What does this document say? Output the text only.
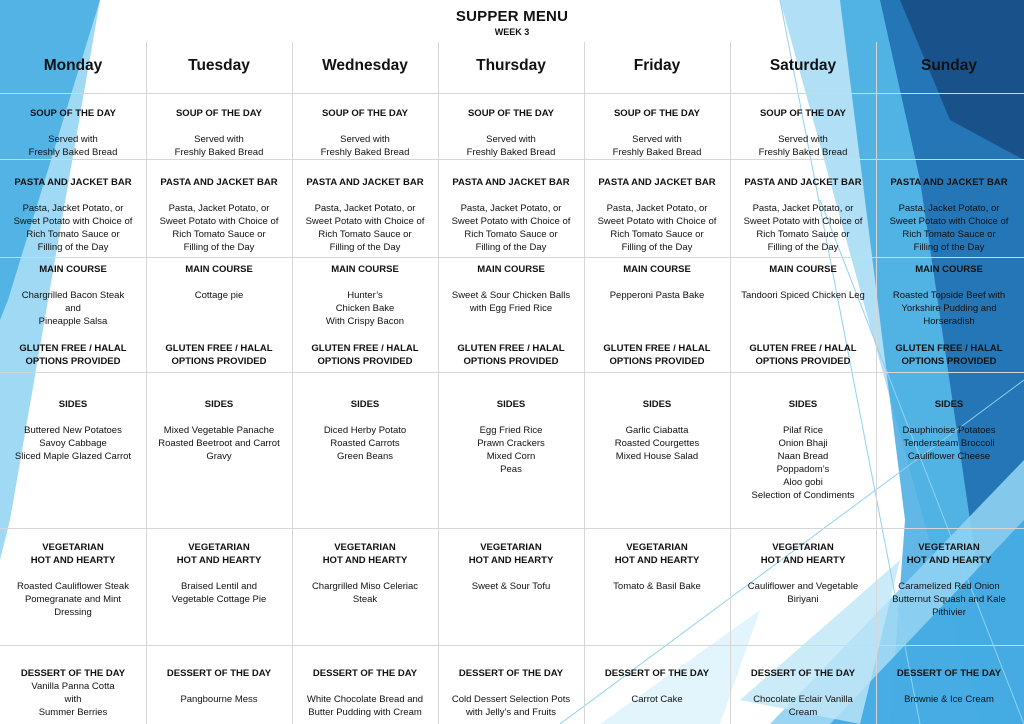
SUPPER MENU
WEEK 3
Monday
SOUP OF THE DAY
Served with
Freshly Baked Bread
PASTA AND JACKET BAR
Pasta, Jacket Potato, or
Sweet Potato with Choice of
Rich Tomato Sauce or
Filling of the Day
MAIN COURSE
Chargrilled Bacon Steak
and
Pineapple Salsa
GLUTEN FREE / HALAL
OPTIONS PROVIDED
SIDES
Buttered New Potatoes
Savoy Cabbage
Sliced Maple Glazed Carrot
VEGETARIAN
HOT AND HEARTY
Roasted Cauliflower Steak
Pomegranate and Mint
Dressing
DESSERT OF THE DAY
Vanilla Panna Cotta
with
Summer Berries
Tuesday
SOUP OF THE DAY
Served with
Freshly Baked Bread
PASTA AND JACKET BAR
Pasta, Jacket Potato, or
Sweet Potato with Choice of
Rich Tomato Sauce or
Filling of the Day
MAIN COURSE
Cottage pie
GLUTEN FREE / HALAL
OPTIONS PROVIDED
SIDES
Mixed Vegetable Panache
Roasted Beetroot and Carrot
Gravy
VEGETARIAN
HOT AND HEARTY
Braised Lentil and
Vegetable Cottage Pie
DESSERT OF THE DAY
Pangbourne Mess
Wednesday
SOUP OF THE DAY
Served with
Freshly Baked Bread
PASTA AND JACKET BAR
Pasta, Jacket Potato, or
Sweet Potato with Choice of
Rich Tomato Sauce or
Filling of the Day
MAIN COURSE
Hunter’s
Chicken Bake
With Crispy Bacon
GLUTEN FREE / HALAL
OPTIONS PROVIDED
SIDES
Diced Herby Potato
Roasted Carrots
Green Beans
VEGETARIAN
HOT AND HEARTY
Chargrilled Miso Celeriac
Steak
DESSERT OF THE DAY
White Chocolate Bread and
Butter Pudding with Cream
Thursday
SOUP OF THE DAY
Served with
Freshly Baked Bread
PASTA AND JACKET BAR
Pasta, Jacket Potato, or
Sweet Potato with Choice of
Rich Tomato Sauce or
Filling of the Day
MAIN COURSE
Sweet & Sour Chicken Balls
with Egg Fried Rice
GLUTEN FREE / HALAL
OPTIONS PROVIDED
SIDES
Egg Fried Rice
Prawn Crackers
Mixed Corn
Peas
VEGETARIAN
HOT AND HEARTY
Sweet & Sour Tofu
DESSERT OF THE DAY
Cold Dessert Selection Pots
with Jelly’s and Fruits
Friday
SOUP OF THE DAY
Served with
Freshly Baked Bread
PASTA AND JACKET BAR
Pasta, Jacket Potato, or
Sweet Potato with Choice of
Rich Tomato Sauce or
Filling of the Day
MAIN COURSE
Pepperoni Pasta Bake
GLUTEN FREE / HALAL
OPTIONS PROVIDED
SIDES
Garlic Ciabatta
Roasted Courgettes
Mixed House Salad
VEGETARIAN
HOT AND HEARTY
Tomato & Basil Bake
DESSERT OF THE DAY
Carrot Cake
Saturday
SOUP OF THE DAY
Served with
Freshly Baked Bread
PASTA AND JACKET BAR
Pasta, Jacket Potato, or
Sweet Potato with Choice of
Rich Tomato Sauce or
Filling of the Day
MAIN COURSE
Tandoori Spiced Chicken Leg
GLUTEN FREE / HALAL
OPTIONS PROVIDED
SIDES
Pilaf Rice
Onion Bhaji
Naan Bread
Poppadom’s
Aloo gobi
Selection of Condiments
VEGETARIAN
HOT AND HEARTY
Cauliflower and Vegetable
Biriyani
DESSERT OF THE DAY
Chocolate Eclair Vanilla
Cream
Sunday
PASTA AND JACKET BAR
Pasta, Jacket Potato, or
Sweet Potato with Choice of
Rich Tomato Sauce or
Filling of the Day
MAIN COURSE
Roasted Topside Beef with
Yorkshire Pudding and
Horseradish
GLUTEN FREE / HALAL
OPTIONS PROVIDED
SIDES
Dauphinoise Potatoes
Tendersteam Broccoli
Cauliflower Cheese
VEGETARIAN
HOT AND HEARTY
Caramelized Red Onion
Butternut Squash and Kale
Pithivier
DESSERT OF THE DAY
Brownie & Ice Cream
